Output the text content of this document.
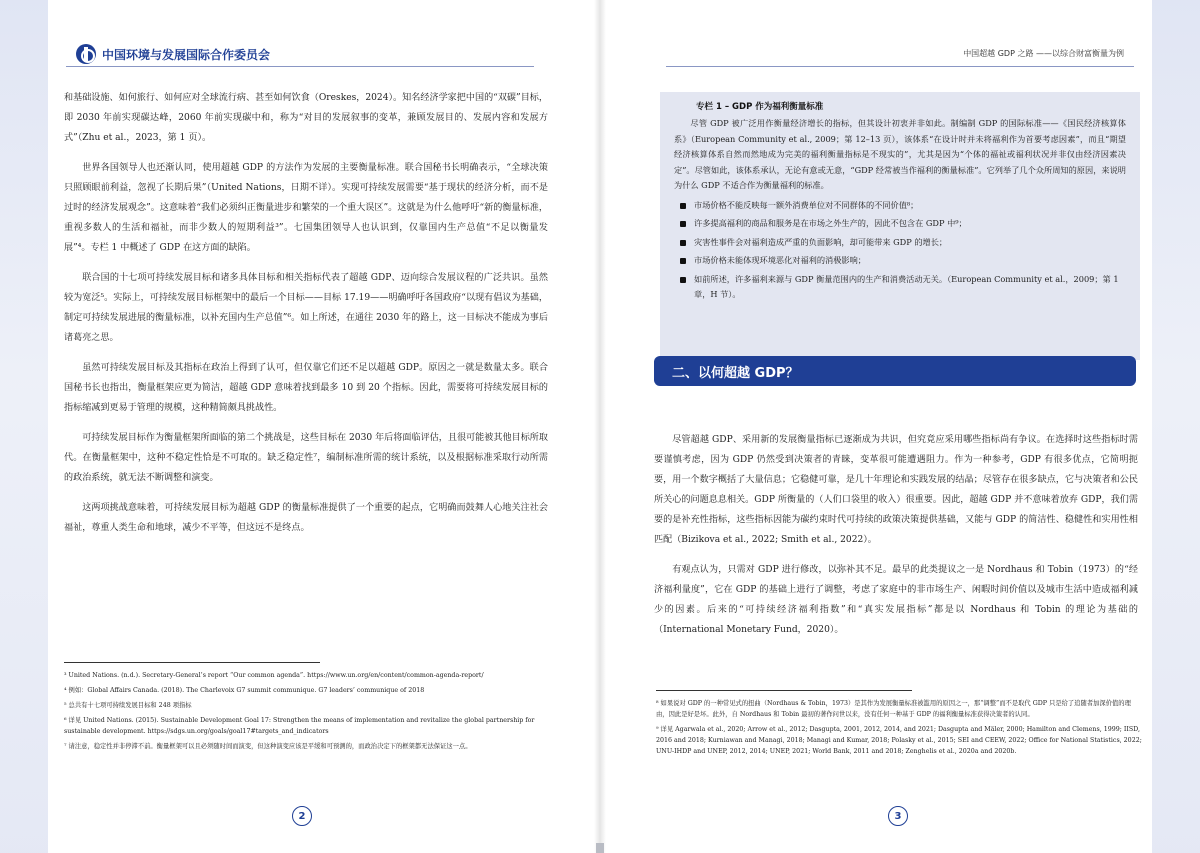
中国环境与发展国际合作委员会

和基础设施、如何旅行、如何应对全球流行病、甚至如何饮食（Oreskes，2024）。知名经济学家把中国的“双碳”目标，即 2030 年前实现碳达峰，2060 年前实现碳中和，称为“对目的发展叙事的变革，兼顾发展目的、发展内容和发展方式”（Zhu et al.，2023，第 1 页）。

世界各国领导人也还渐认同，使用超越 GDP 的方法作为发展的主要衡量标准。联合国秘书长明确表示，“全球决策只照顾眼前利益，忽视了长期后果”（United Nations，日期不详）。实现可持续发展需要“基于现状的经济分析，而不是过时的经济发展观念”。这意味着“我们必须纠正衡量进步和繁荣的一个重大误区”。这就是为什么他呼吁“新的衡量标准，重视多数人的生活和福祉，而非少数人的短期利益³”。七国集团领导人也认识到，仅靠国内生产总值“不足以衡量发展”⁴。专栏 1 中概述了 GDP 在这方面的缺陷。

联合国的十七项可持续发展目标和诸多具体目标和相关指标代表了超越 GDP、迈向综合发展议程的广泛共识。虽然较为宽泛⁵。实际上，可持续发展目标框架中的最后一个目标——目标 17.19——明确呼吁各国政府“以现有倡议为基础，制定可持续发展进展的衡量标准，以补充国内生产总值”⁶。如上所述，在通往 2030 年的路上，这一目标决不能成为事后诸葛亮之思。

虽然可持续发展目标及其指标在政治上得到了认可，但仅靠它们还不足以超越 GDP。原因之一就是数量太多。联合国秘书长也指出，衡量框架应更为简洁，超越 GDP 意味着找到最多 10 到 20 个指标。因此，需要将可持续发展目标的指标缩减到更易于管理的规模，这种精简颇具挑战性。

可持续发展目标作为衡量框架所面临的第二个挑战是，这些目标在 2030 年后将面临评估，且很可能被其他目标所取代。在衡量框架中，这种不稳定性恰是不可取的。缺乏稳定性⁷，编制标准所需的统计系统，以及根据标准采取行动所需的政治系统，就无法不断调整和演变。

这两项挑战意味着，可持续发展目标为超越 GDP 的衡量标准提供了一个重要的起点，它明确而鼓舞人心地关注社会福祉，尊重人类生命和地球，减少不平等，但这远不是终点。

³ United Nations. (n.d.). Secretary-General’s report “Our common agenda”. https://www.un.org/en/content/common-agenda-report/

⁴ 例如：Global Affairs Canada. (2018). The Charlevoix G7 summit communique. G7 leaders’ communique of 2018

⁵ 总共有十七项可持续发展目标和 248 项指标

⁶ 详见 United Nations. (2015). Sustainable Development Goal 17: Strengthen the means of implementation and revitalize the global partnership for sustainable development. https://sdgs.un.org/goals/goal17#targets_and_indicators

⁷ 请注意，稳定性并非停滞不前。衡量框架可以且必须随时间而演变，但这种演变应该是平缓和可预测的，而政治决定下的框架都无法保证这一点。

2
中国超越 GDP 之路 ——以综合财富衡量为例
专栏 1 – GDP 作为福利衡量标准

尽管 GDP 被广泛用作衡量经济增长的指标，但其设计初衷并非如此。制编制 GDP 的国际标准——《国民经济核算体系》（European Community et al., 2009；第 12–13 页），该体系“在设计时并未将福利作为首要考虑因素”，而且“期望经济核算体系自然而然地成为完美的福利衡量指标是不现实的”，尤其是因为“个体的福祉或福利状况并非仅由经济因素决定”。尽管如此，该体系承认，无论有意或无意，“GDP 经常被当作福利的衡量标准”。它列举了几个众所周知的原因，来说明为什么 GDP 不适合作为衡量福利的标准。

市场价格不能反映每一额外消费单位对不同群体的不同价值⁸；
许多提高福利的商品和服务是在市场之外生产的，因此不包含在 GDP 中⁹；
灾害性事件会对福利造成严重的负面影响，却可能带来 GDP 的增长；
市场价格未能体现环境恶化对福利的消极影响；
如前所述，许多福利来源与 GDP 衡量范围内的生产和消费活动无关。（European Community et al.，2009；第 1 章，H 节）。
二、以何超越 GDP？

尽管超越 GDP、采用新的发展衡量指标已逐渐成为共识，但究竟应采用哪些指标尚有争议。在选择时这些指标时需要谨慎考虑，因为 GDP 仍然受到决策者的青睐，变革很可能遭遇阻力。作为一种参考，GDP 有很多优点，它简明扼要，用一个数字概括了大量信息；它稳健可靠，是几十年理论和实践发展的结晶；尽管存在很多缺点，它与决策者和公民所关心的问题息息相关。GDP 所衡量的（人们口袋里的收入）很重要。因此，超越 GDP 并不意味着放弃 GDP，我们需要的是补充性指标，这些指标因能为碳约束时代可持续的政策决策提供基础，又能与 GDP 的简洁性、稳健性和实用性相匹配（Bizikova et al., 2022; Smith et al., 2022）。

有观点认为，只需对 GDP 进行修改，以弥补其不足。最早的此类提议之一是 Nordhaus 和 Tobin（1973）的“经济福利量度”，它在 GDP 的基础上进行了调整，考虑了家庭中的非市场生产、闲暇时间价值以及城市生活中造成福利减少的因素。后来的“可持续经济福利指数”和“真实发展指标”都是以 Nordhaus 和 Tobin 的理论为基础的（International Monetary Fund，2020）。

⁸ 如果说对 GDP 的一种常见式的扭曲（Nordhaus & Tobin，1973）是其作为发展衡量标准被滥用的原因之一，那“调整”而不是取代 GDP 只是给了追随者加深价值的理由，因此是好是坏。此外，自 Nordhaus 和 Tobin 最初的著作问世以来，没有任何一种基于 GDP 的福利衡量标准获得决策者的认同。

⁹ 详见 Agarwala et al., 2020; Arrow et al., 2012; Dasgupta, 2001, 2012, 2014, and 2021; Dasgupta and Mäler, 2000; Hamilton and Clemens, 1999; IISD, 2016 and 2018; Kurniawan and Managi, 2018; Managi and Kumar, 2018; Polasky et al., 2015; SEI and CEEW, 2022; Office for National Statistics, 2022; UNU-IHDP and UNEP, 2012, 2014; UNEP, 2021; World Bank, 2011 and 2018; Zenghelis et al., 2020a and 2020b.

3
